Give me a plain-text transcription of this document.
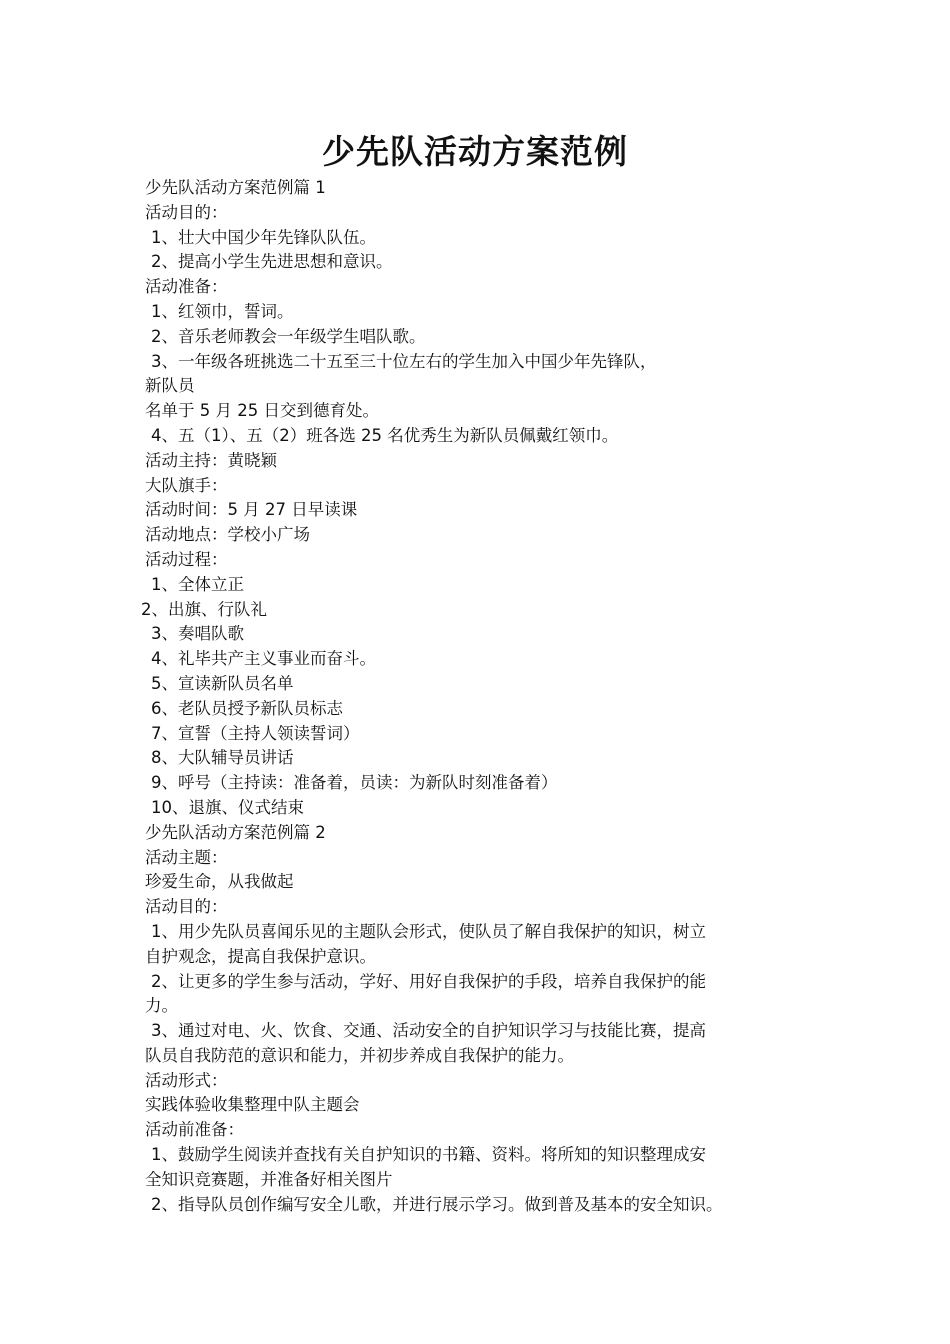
少先队活动方案范例

少先队活动方案范例篇 1

活动目的：

1、壮大中国少年先锋队队伍。

2、提高小学生先进思想和意识。

活动准备：

1、红领巾，誓词。

2、音乐老师教会一年级学生唱队歌。

3、一年级各班挑选二十五至三十位左右的学生加入中国少年先锋队，

新队员

名单于 5 月 25 日交到德育处。

4、五（1）、五（2）班各选 25 名优秀生为新队员佩戴红领巾。

活动主持：黄晓颖

大队旗手：

活动时间：5 月 27 日早读课

活动地点：学校小广场

活动过程：

1、全体立正

2、出旗、行队礼

3、奏唱队歌

4、礼毕共产主义事业而奋斗。

5、宣读新队员名单

6、老队员授予新队员标志

7、宣誓（主持人领读誓词）

8、大队辅导员讲话

9、呼号（主持读：准备着，员读：为新队时刻准备着）

10、退旗、仪式结束

少先队活动方案范例篇 2

活动主题：

珍爱生命，从我做起

活动目的：

1、用少先队员喜闻乐见的主题队会形式，使队员了解自我保护的知识，树立

自护观念，提高自我保护意识。

2、让更多的学生参与活动，学好、用好自我保护的手段，培养自我保护的能

力。

3、通过对电、火、饮食、交通、活动安全的自护知识学习与技能比赛，提高

队员自我防范的意识和能力，并初步养成自我保护的能力。

活动形式：

实践体验收集整理中队主题会

活动前准备：

1、鼓励学生阅读并查找有关自护知识的书籍、资料。将所知的知识整理成安

全知识竞赛题，并准备好相关图片

2、指导队员创作编写安全儿歌，并进行展示学习。做到普及基本的安全知识。
